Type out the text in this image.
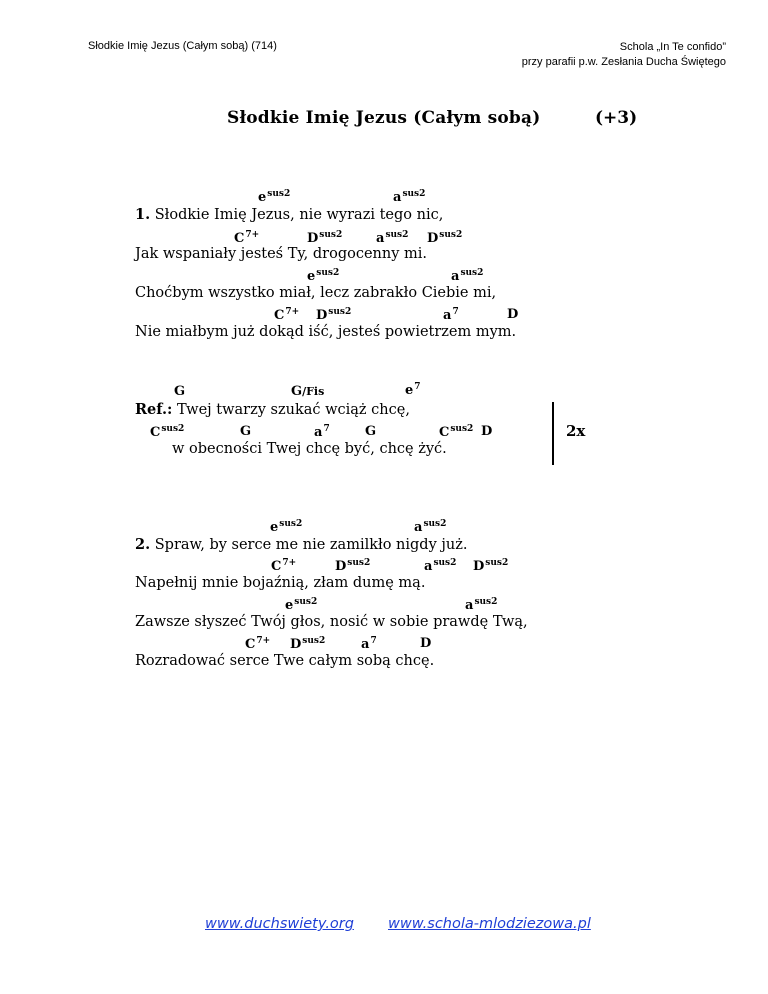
Słodkie Imię Jezus (Całym sobą) (714)	Schola „In Te confido”
przy parafii p.w. Zesłania Ducha Świętego
Słodkie Imię Jezus (Całym sobą)	(+3)
$e^{sus2}$	$a^{sus2}$
1. Słodkie Imię Jezus, nie wyrazi tego nic,
$C^{7+}$	$D^{sus2}$	$a^{sus2}$ $D^{sus2}$
Jak wspaniały jesteś Ty, drogocenny mi.
$e^{sus2}$	$a^{sus2}$
Choćbym wszystko miał, lecz zabrakło Ciebie mi,
$C^{7+}$ $D^{sus2}$	$a^7$	D
Nie miałbym już dokąd iść, jesteś powietrzem mym.
G	G/Fis	$e^7$
Ref.: Twej twarzy szukać wciąż chcę,
$C^{sus2}$	G	$a^7$	G	$C^{sus2}$ D
w obecności Twej chcę być, chcę żyć.
2x
$e^{sus2}$	$a^{sus2}$
2. Spraw, by serce me nie zamilkło nigdy już.
$C^{7+}$	$D^{sus2}$	$a^{sus2}$ $D^{sus2}$
Napełnij mnie bojaźnią, złam dumę mą.
$e^{sus2}$	$a^{sus2}$
Zawsze słyszeć Twój głos, nosić w sobie prawdę Twą,
$C^{7+}$ $D^{sus2}$	$a^7$	D
Rozradować serce Twe całym sobą chcę.
www.duchswiety.org www.schola-mlodziezowa.pl
